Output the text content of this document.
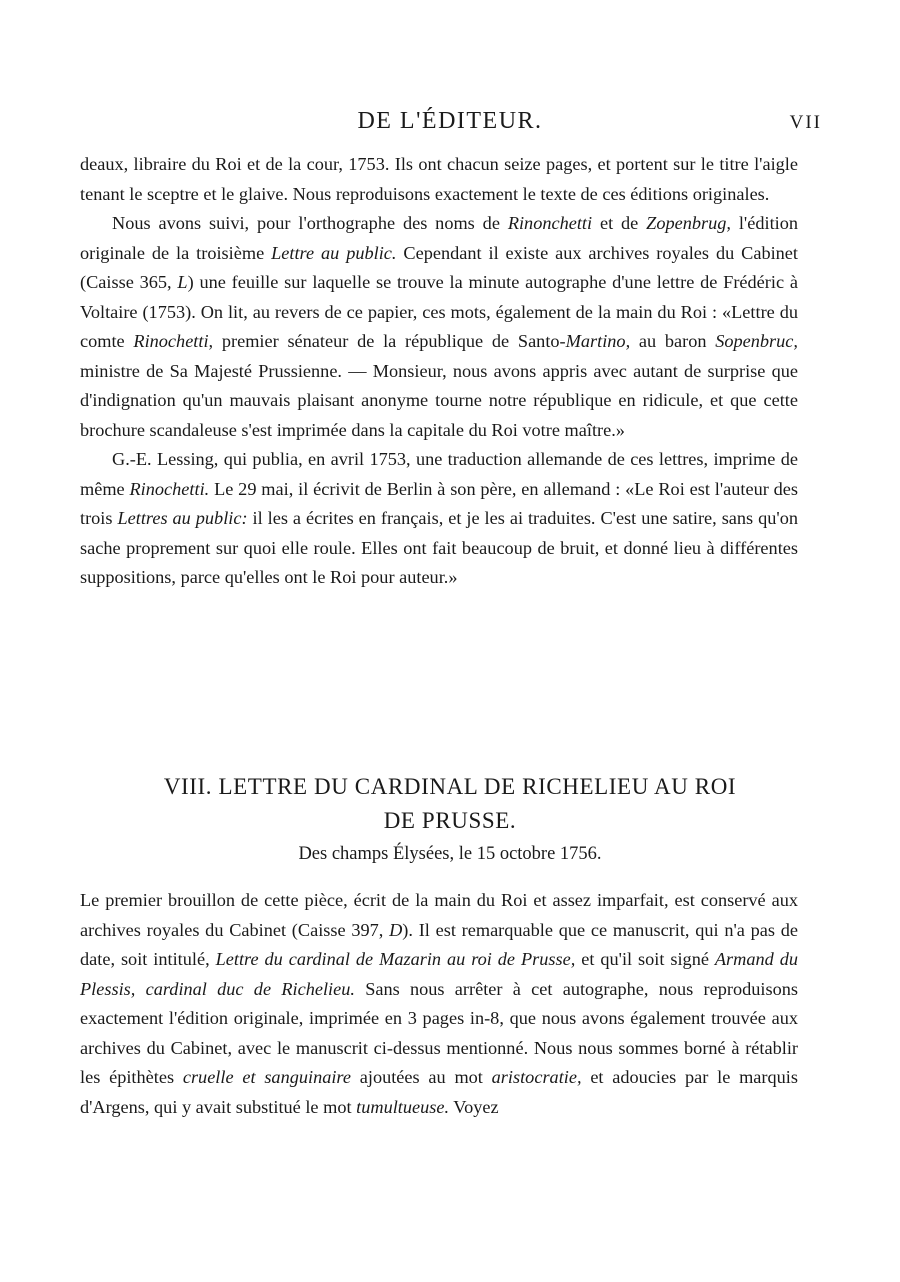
DE L'ÉDITEUR.	VII

deaux, libraire du Roi et de la cour, 1753. Ils ont chacun seize pages, et portent sur le titre l'aigle tenant le sceptre et le glaive. Nous reproduisons exactement le texte de ces éditions originales.

Nous avons suivi, pour l'orthographe des noms de Rinonchetti et de Zopenbrug, l'édition originale de la troisième Lettre au public. Cependant il existe aux archives royales du Cabinet (Caisse 365, L) une feuille sur laquelle se trouve la minute autographe d'une lettre de Frédéric à Voltaire (1753). On lit, au revers de ce papier, ces mots, également de la main du Roi : «Lettre du comte Rinochetti, premier sénateur de la république de Santo-Martino, au baron Sopenbruc, ministre de Sa Majesté Prussienne. — Monsieur, nous avons appris avec autant de surprise que d'indignation qu'un mauvais plaisant anonyme tourne notre république en ridicule, et que cette brochure scandaleuse s'est imprimée dans la capitale du Roi votre maître.»

G.-E. Lessing, qui publia, en avril 1753, une traduction allemande de ces lettres, imprime de même Rinochetti. Le 29 mai, il écrivit de Berlin à son père, en allemand : «Le Roi est l'auteur des trois Lettres au public: il les a écrites en français, et je les ai traduites. C'est une satire, sans qu'on sache proprement sur quoi elle roule. Elles ont fait beaucoup de bruit, et donné lieu à différentes suppositions, parce qu'elles ont le Roi pour auteur.»

VIII. LETTRE DU CARDINAL DE RICHELIEU AU ROI
DE PRUSSE.
Des champs Élysées, le 15 octobre 1756.

Le premier brouillon de cette pièce, écrit de la main du Roi et assez imparfait, est conservé aux archives royales du Cabinet (Caisse 397, D). Il est remarquable que ce manuscrit, qui n'a pas de date, soit intitulé, Lettre du cardinal de Mazarin au roi de Prusse, et qu'il soit signé Armand du Plessis, cardinal duc de Richelieu. Sans nous arrêter à cet autographe, nous reproduisons exactement l'édition originale, imprimée en 3 pages in-8, que nous avons également trouvée aux archives du Cabinet, avec le manuscrit ci-dessus mentionné. Nous nous sommes borné à rétablir les épithètes cruelle et sanguinaire ajoutées au mot aristocratie, et adoucies par le marquis d'Argens, qui y avait substitué le mot tumultueuse. Voyez
